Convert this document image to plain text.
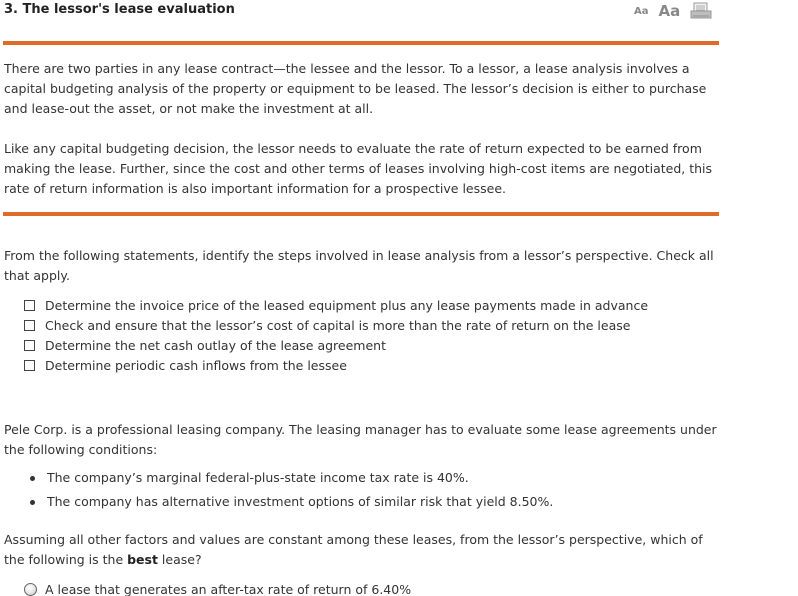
3. The lessor's lease evaluation	Aa Aa

There are two parties in any lease contract—the lessee and the lessor. To a lessor, a lease analysis involves a capital budgeting analysis of the property or equipment to be leased. The lessor’s decision is either to purchase and lease-out the asset, or not make the investment at all.

Like any capital budgeting decision, the lessor needs to evaluate the rate of return expected to be earned from making the lease. Further, since the cost and other terms of leases involving high-cost items are negotiated, this rate of return information is also important information for a prospective lessee.

From the following statements, identify the steps involved in lease analysis from a lessor’s perspective. Check all that apply.

Determine the invoice price of the leased equipment plus any lease payments made in advance
Check and ensure that the lessor’s cost of capital is more than the rate of return on the lease
Determine the net cash outlay of the lease agreement
Determine periodic cash inflows from the lessee

Pele Corp. is a professional leasing company. The leasing manager has to evaluate some lease agreements under the following conditions:

The company’s marginal federal-plus-state income tax rate is 40%.
The company has alternative investment options of similar risk that yield 8.50%.

Assuming all other factors and values are constant among these leases, from the lessor’s perspective, which of the following is the best lease?

A lease that generates an after-tax rate of return of 6.40%
